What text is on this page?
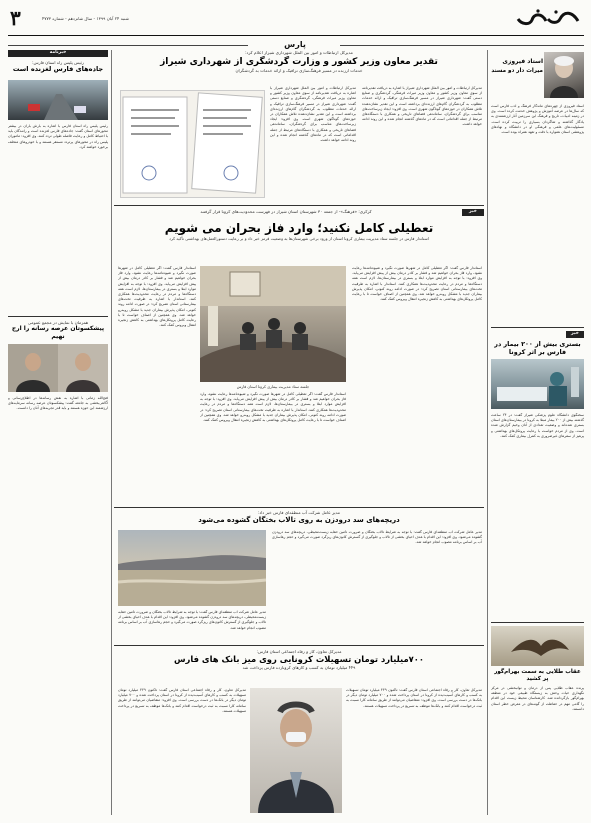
۳	شنبه ۲۴ آبان ۱۳۹۹ - سال شانزدهم - شماره ۴۷۷۳
پارس
استاد فیروزی
میراث دار دو مسند
استاد فیروزی از چهره‌های ماندگار فرهنگ و ادب فارس است که سال‌ها در عرصه آموزش و پژوهش خدمت کرده است. وی در زمینه ادبیات، تاریخ و فرهنگ این سرزمین آثار ارزشمندی به یادگار گذاشته و شاگردان بسیاری را تربیت کرده است. مسئولیت‌های علمی و فرهنگی او در دانشگاه و نهادهای پژوهشی استان همواره با دقت و تعهد همراه بوده است.
خبر
بستری بیش از ۲۰۰ بیمار در فارس بر اثر کرونا
سخنگوی دانشگاه علوم پزشکی شیراز گفت: در ۲۴ ساعت گذشته بیش از ۲۰۰ بیمار مبتلا به کرونا در بیمارستان‌های استان بستری شده‌اند و وضعیت تعدادی از آنان وخیم گزارش شده است. وی از مردم خواست با رعایت پروتکل‌های بهداشتی و پرهیز از سفرهای غیرضروری به کنترل بیماری کمک کنند.
عقاب طلایی به سمت بهرام‌گور پر کشید
پرنده عقاب طلایی پس از درمان و توانبخشی در مرکز نگهداری حیات وحش به زیستگاه طبیعی خود در منطقه بهرام‌گور بازگردانده شد. کارشناسان محیط زیست این اقدام را گامی مهم در حفاظت از گونه‌های در معرض خطر استان دانستند.
مدیرکل ارتباطات و امور بین الملل شهرداری شیراز اعلام کرد:
تقدیر معاون وزیر کشور و وزارت گردشگری از شهرداری شیراز
خدمات ارزنده در مسیر فرهنگ‌سازی ترافیک و ارائه خدمات به گردشگران
مدیرکل ارتباطات و امور بین الملل شهرداری شیراز با اشاره به دریافت تقدیرنامه از سوی معاون وزیر کشور و معاون وزیر میراث فرهنگی، گردشگری و صنایع دستی گفت: شهرداری شیراز در مسیر فرهنگ‌سازی ترافیک و ارائه خدمات مطلوب به گردشگران گام‌های ارزنده‌ای برداشته است و این تقدیر نشان‌دهنده تلاش همکاران در حوزه‌های گوناگون شهری است. وی افزود: ایجاد زیرساخت‌های مناسب برای گردشگران، ساماندهی فضاهای تاریخی و همکاری با دستگاه‌های مرتبط از جمله اقداماتی است که در ماه‌های گذشته انجام شده و این روند ادامه خواهد داشت.
مدیرکل ارتباطات و امور بین الملل شهرداری شیراز با اشاره به دریافت تقدیرنامه از سوی معاون وزیر کشور و معاون وزیر میراث فرهنگی، گردشگری و صنایع دستی گفت: شهرداری شیراز در مسیر فرهنگ‌سازی ترافیک و ارائه خدمات مطلوب به گردشگران گام‌های ارزنده‌ای برداشته است و این تقدیر نشان‌دهنده تلاش همکاران در حوزه‌های گوناگون شهری است. وی افزود: ایجاد زیرساخت‌های مناسب برای گردشگران، ساماندهی فضاهای تاریخی و همکاری با دستگاه‌های مرتبط از جمله اقداماتی است که در ماه‌های گذشته انجام شده و این روند ادامه خواهد داشت.
خبر
کرکری: «فرهنگ»- از جمعه ۳۰ شهرستان استان شیراز در فهرست محدودیت‌های کرونا قرار گرفتند
تعطیلی کامل نکنید؛ وارد فاز بحران می شویم
استاندار فارس در جلسه ستاد مدیریت بیماری کرونا استان از ورود برخی شهرستان‌ها به وضعیت قرمز خبر داد و بر رعایت دستورالعمل‌های بهداشتی تأکید کرد
جلسه ستاد مدیریت بیماری کرونا استان فارس
استاندار فارس گفت: اگر تعطیلی کامل در شهرها صورت نگیرد و شیوه‌نامه‌ها رعایت نشود، وارد فاز بحران خواهیم شد و فشار بر کادر درمان بیش از پیش افزایش می‌یابد. وی افزود: با توجه به افزایش موارد ابتلا و بستری در بیمارستان‌ها، لازم است همه دستگاه‌ها و مردم در رعایت محدودیت‌ها همکاری کنند. استاندار با اشاره به ظرفیت تخت‌های بیمارستانی استان تصریح کرد: در صورت ادامه روند کنونی، امکان پذیرش بیماران جدید با مشکل روبه‌رو خواهد شد. وی همچنین از اصناف خواست تا با رعایت کامل پروتکل‌های بهداشتی به کاهش زنجیره انتقال ویروس کمک کنند.
استاندار فارس گفت: اگر تعطیلی کامل در شهرها صورت نگیرد و شیوه‌نامه‌ها رعایت نشود، وارد فاز بحران خواهیم شد و فشار بر کادر درمان بیش از پیش افزایش می‌یابد. وی افزود: با توجه به افزایش موارد ابتلا و بستری در بیمارستان‌ها، لازم است همه دستگاه‌ها و مردم در رعایت محدودیت‌ها همکاری کنند. استاندار با اشاره به ظرفیت تخت‌های بیمارستانی استان تصریح کرد: در صورت ادامه روند کنونی، امکان پذیرش بیماران جدید با مشکل روبه‌رو خواهد شد. وی همچنین از اصناف خواست تا با رعایت کامل پروتکل‌های بهداشتی به کاهش زنجیره انتقال ویروس کمک کنند.
استاندار فارس گفت: اگر تعطیلی کامل در شهرها صورت نگیرد و شیوه‌نامه‌ها رعایت نشود، وارد فاز بحران خواهیم شد و فشار بر کادر درمان بیش از پیش افزایش می‌یابد. وی افزود: با توجه به افزایش موارد ابتلا و بستری در بیمارستان‌ها، لازم است همه دستگاه‌ها و مردم در رعایت محدودیت‌ها همکاری کنند. استاندار با اشاره به ظرفیت تخت‌های بیمارستانی استان تصریح کرد: در صورت ادامه روند کنونی، امکان پذیرش بیماران جدید با مشکل روبه‌رو خواهد شد. وی همچنین از اصناف خواست تا با رعایت کامل پروتکل‌های بهداشتی به کاهش زنجیره انتقال ویروس کمک کنند.
مدیر عامل شرکت آب منطقه‌ای فارس خبر داد:
دریچه‌های سد درودزن به روی تالاب بختگان گشوده می‌شود
مدیر عامل شرکت آب منطقه‌ای فارس گفت: با توجه به شرایط تالاب بختگان و ضرورت تأمین حقابه زیست‌محیطی، دریچه‌های سد درودزن گشوده می‌شود. وی افزود: این اقدام با هدف احیای بخشی از تالاب و جلوگیری از گسترش کانون‌های ریزگرد صورت می‌گیرد و حجم رهاسازی آب بر اساس برنامه مصوب انجام خواهد شد.
مدیر عامل شرکت آب منطقه‌ای فارس گفت: با توجه به شرایط تالاب بختگان و ضرورت تأمین حقابه زیست‌محیطی، دریچه‌های سد درودزن گشوده می‌شود. وی افزود: این اقدام با هدف احیای بخشی از تالاب و جلوگیری از گسترش کانون‌های ریزگرد صورت می‌گیرد و حجم رهاسازی آب بر اساس برنامه مصوب انجام خواهد شد.
مدیرکل تعاون، کار و رفاه اجتماعی استان فارس:
۷۰۰میلیارد تومان تسهیلات کرونایی روی میز بانک های فارس
۴۴۹ میلیارد تومان به کسب و کارهای کرونازده فارس پرداخت شد
مدیرکل تعاون، کار و رفاه اجتماعی استان فارس گفت: تاکنون ۴۴۹ میلیارد تومان تسهیلات به کسب و کارهای آسیب‌دیده از کرونا در استان پرداخت شده و ۷۰۰ میلیارد تومان دیگر در بانک‌ها در دست بررسی است. وی افزود: متقاضیان می‌توانند از طریق سامانه کارا نسبت به ثبت درخواست اقدام کنند و بانک‌ها موظف به تسریع در پرداخت تسهیلات هستند.
مدیرکل تعاون، کار و رفاه اجتماعی استان فارس گفت: تاکنون ۴۴۹ میلیارد تومان تسهیلات به کسب و کارهای آسیب‌دیده از کرونا در استان پرداخت شده و ۷۰۰ میلیارد تومان دیگر در بانک‌ها در دست بررسی است. وی افزود: متقاضیان می‌توانند از طریق سامانه کارا نسبت به ثبت درخواست اقدام کنند و بانک‌ها موظف به تسریع در پرداخت تسهیلات هستند.
خبرنامه
رئیس پلیس راه استان فارس:
جاده‌های فارس لغزنده است
رئیس پلیس راه استان فارس با اشاره به بارش باران در بیشتر محورهای استان گفت: جاده‌های فارس لغزنده است و رانندگان باید با احتیاط کامل و رعایت فاصله طولی تردد کنند. وی افزود: ماموران پلیس راه در محورهای پرتردد مستقر هستند و با خودروهای متخلف برخورد خواهند کرد.
همزمان با نمایش در مجمع عمومی
پیشکسوتان عرصه رسانه را ارج نهیم
فتح‌الله زمانی با اشاره به نقش رسانه‌ها در اطلاع‌رسانی و آگاهی‌بخشی به جامعه گفت: پیشکسوتان عرصه رسانه سرمایه‌های ارزشمند این حوزه هستند و باید قدر تجربه‌های آنان را دانست.
